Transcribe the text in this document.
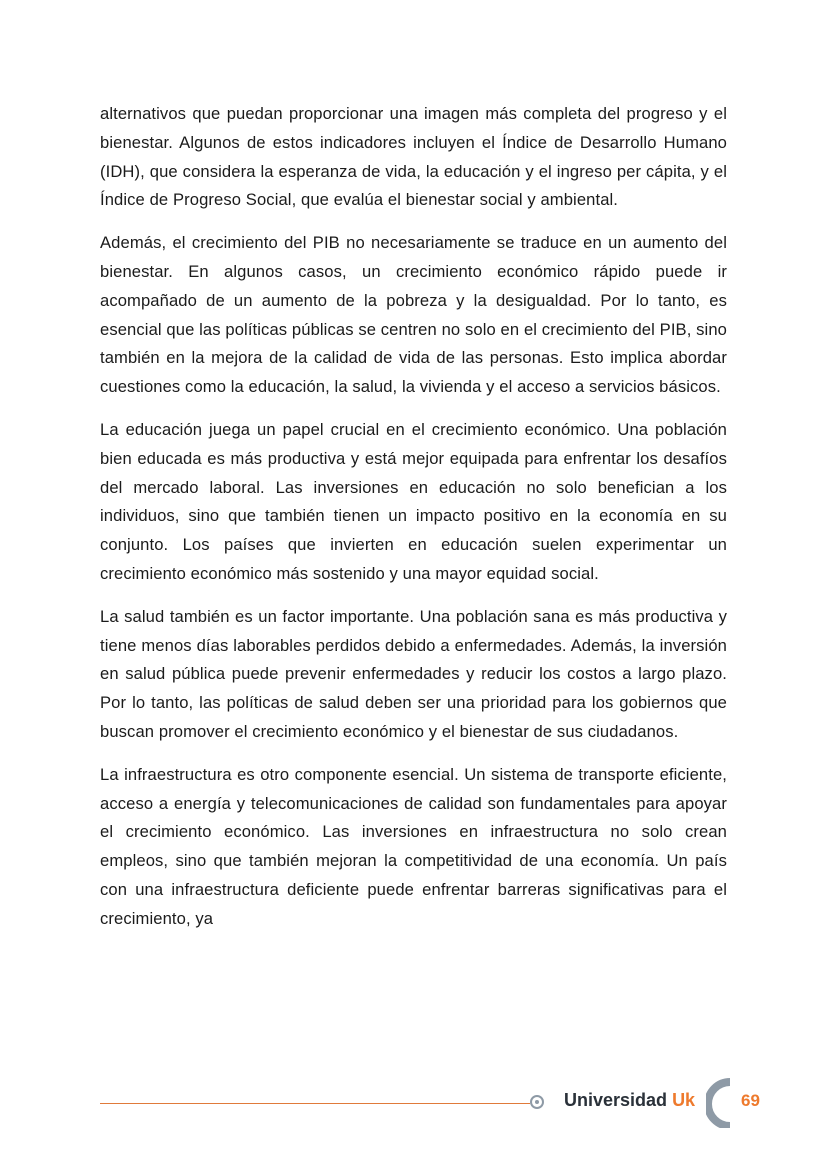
alternativos que puedan proporcionar una imagen más completa del progreso y el bienestar. Algunos de estos indicadores incluyen el Índice de Desarrollo Humano (IDH), que considera la esperanza de vida, la educación y el ingreso per cápita, y el Índice de Progreso Social, que evalúa el bienestar social y ambiental.

Además, el crecimiento del PIB no necesariamente se traduce en un aumento del bienestar. En algunos casos, un crecimiento económico rápido puede ir acompañado de un aumento de la pobreza y la desigualdad. Por lo tanto, es esencial que las políticas públicas se centren no solo en el crecimiento del PIB, sino también en la mejora de la calidad de vida de las personas. Esto implica abordar cuestiones como la educación, la salud, la vivienda y el acceso a servicios básicos.

La educación juega un papel crucial en el crecimiento económico. Una población bien educada es más productiva y está mejor equipada para enfrentar los desafíos del mercado laboral. Las inversiones en educación no solo benefician a los individuos, sino que también tienen un impacto positivo en la economía en su conjunto. Los países que invierten en educación suelen experimentar un crecimiento económico más sostenido y una mayor equidad social.

La salud también es un factor importante. Una población sana es más productiva y tiene menos días laborables perdidos debido a enfermedades. Además, la inversión en salud pública puede prevenir enfermedades y reducir los costos a largo plazo. Por lo tanto, las políticas de salud deben ser una prioridad para los gobiernos que buscan promover el crecimiento económico y el bienestar de sus ciudadanos.

La infraestructura es otro componente esencial. Un sistema de transporte eficiente, acceso a energía y telecomunicaciones de calidad son fundamentales para apoyar el crecimiento económico. Las inversiones en infraestructura no solo crean empleos, sino que también mejoran la competitividad de una economía. Un país con una infraestructura deficiente puede enfrentar barreras significativas para el crecimiento, ya

Universidad Uk	69
